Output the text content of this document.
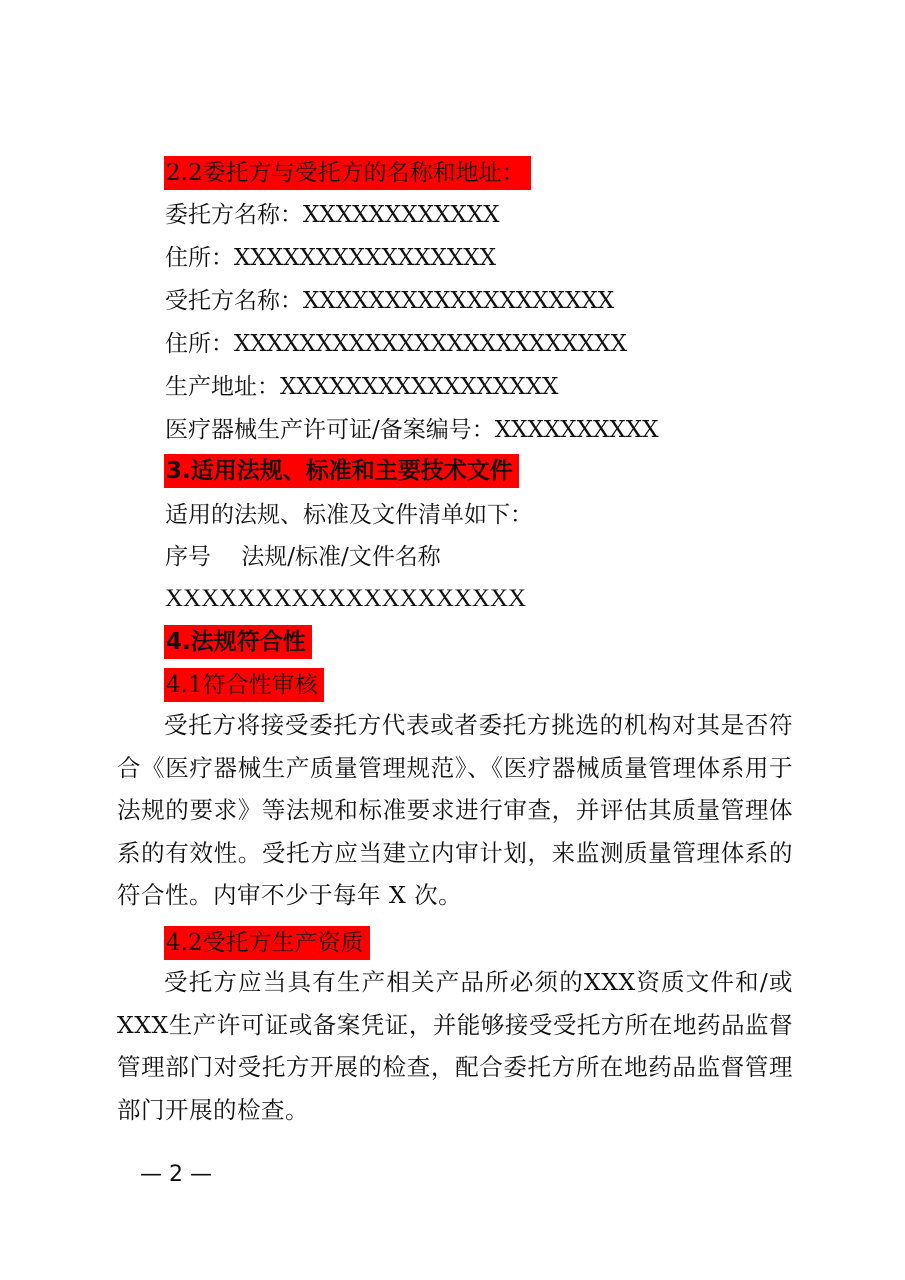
2.2委托方与受托方的名称和地址：
委托方名称：XXXXXXXXXXXX
住所：XXXXXXXXXXXXXXXX
受托方名称：XXXXXXXXXXXXXXXXXXX
住所：XXXXXXXXXXXXXXXXXXXXXXXX
生产地址：XXXXXXXXXXXXXXXXX
医疗器械生产许可证/备案编号：XXXXXXXXXX
3.适用法规、标准和主要技术文件
适用的法规、标准及文件清单如下：
序号　 法规/标准/文件名称
XXXXXXXXXXXXXXXXXXXX
4.法规符合性
4.1符合性审核
受托方将接受委托方代表或者委托方挑选的机构对其是否符合《医疗器械生产质量管理规范》、《医疗器械质量管理体系用于法规的要求》等法规和标准要求进行审查，并评估其质量管理体系的有效性。受托方应当建立内审计划，来监测质量管理体系的符合性。内审不少于每年 X 次。
4.2受托方生产资质
受托方应当具有生产相关产品所必须的XXX资质文件和/或XXX生产许可证或备案凭证，并能够接受受托方所在地药品监督管理部门对受托方开展的检查，配合委托方所在地药品监督管理部门开展的检查。
— 2 —
